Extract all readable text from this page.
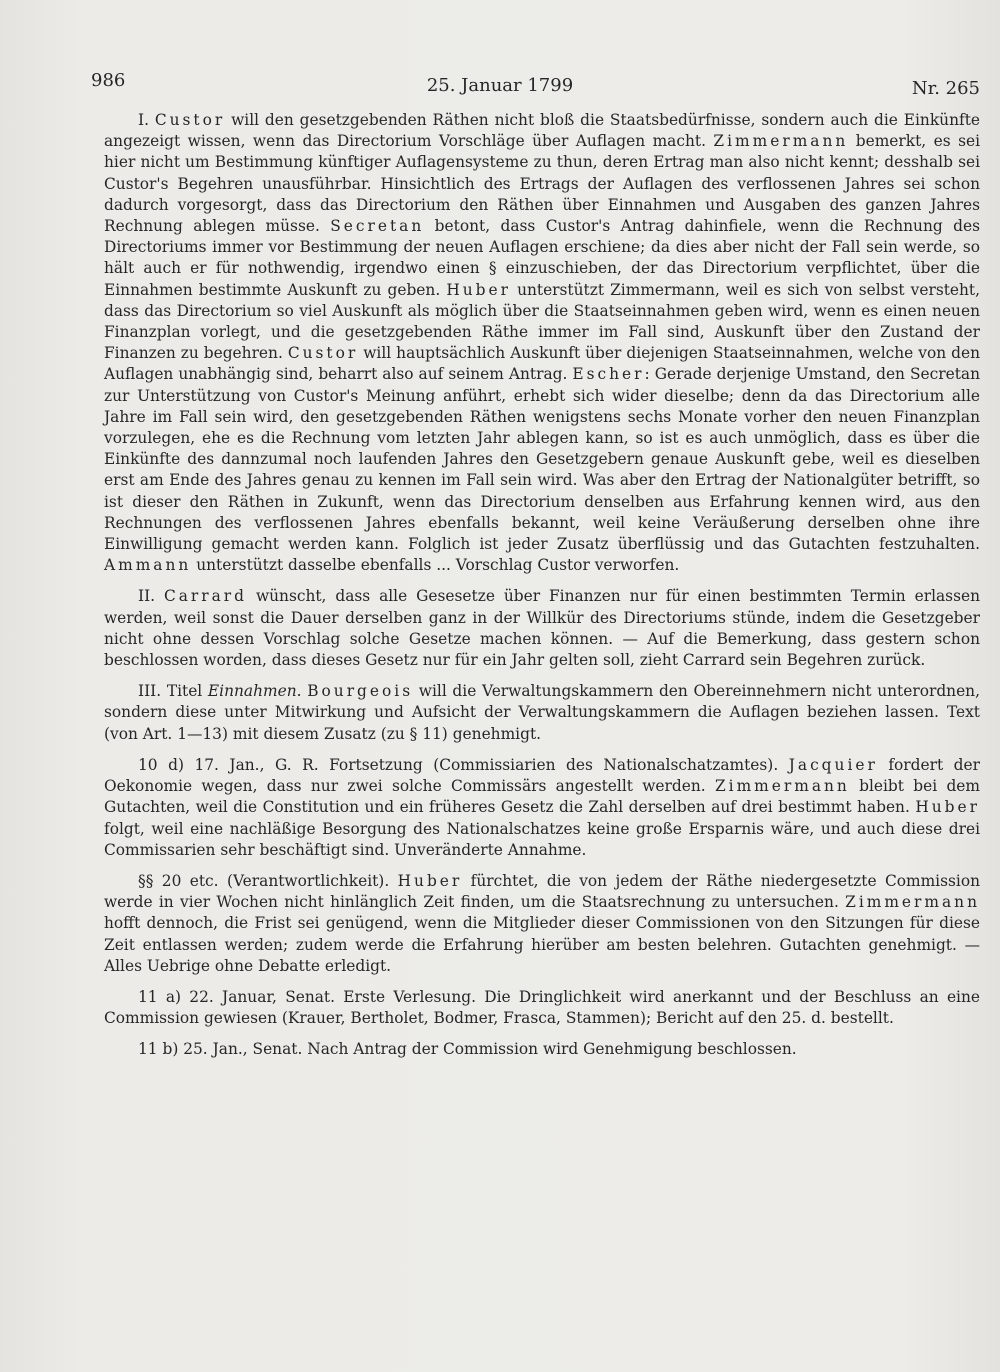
986	25. Januar 1799	Nr. 265

I. Custor will den gesetzgebenden Räthen nicht bloß die Staatsbedürfnisse, sondern auch die Einkünfte angezeigt wissen, wenn das Directorium Vorschläge über Auflagen macht. Zimmermann bemerkt, es sei hier nicht um Bestimmung künftiger Auflagensysteme zu thun, deren Ertrag man also nicht kennt; desshalb sei Custor's Begehren unausführbar. Hinsichtlich des Ertrags der Auflagen des verflossenen Jahres sei schon dadurch vorgesorgt, dass das Directorium den Räthen über Einnahmen und Ausgaben des ganzen Jahres Rechnung ablegen müsse. Secretan betont, dass Custor's Antrag dahinfiele, wenn die Rechnung des Directoriums immer vor Bestimmung der neuen Auflagen erschiene; da dies aber nicht der Fall sein werde, so hält auch er für nothwendig, irgendwo einen § einzuschieben, der das Directorium verpflichtet, über die Einnahmen bestimmte Auskunft zu geben. Huber unterstützt Zimmermann, weil es sich von selbst versteht, dass das Directorium so viel Auskunft als möglich über die Staatseinnahmen geben wird, wenn es einen neuen Finanzplan vorlegt, und die gesetzgebenden Räthe immer im Fall sind, Auskunft über den Zustand der Finanzen zu begehren. Custor will hauptsächlich Auskunft über diejenigen Staatseinnahmen, welche von den Auflagen unabhängig sind, beharrt also auf seinem Antrag. Escher: Gerade derjenige Umstand, den Secretan zur Unterstützung von Custor's Meinung anführt, erhebt sich wider dieselbe; denn da das Directorium alle Jahre im Fall sein wird, den gesetzgebenden Räthen wenigstens sechs Monate vorher den neuen Finanzplan vorzulegen, ehe es die Rechnung vom letzten Jahr ablegen kann, so ist es auch unmöglich, dass es über die Einkünfte des dannzumal noch laufenden Jahres den Gesetzgebern genaue Auskunft gebe, weil es dieselben erst am Ende des Jahres genau zu kennen im Fall sein wird. Was aber den Ertrag der Nationalgüter betrifft, so ist dieser den Räthen in Zukunft, wenn das Directorium denselben aus Erfahrung kennen wird, aus den Rechnungen des verflossenen Jahres ebenfalls bekannt, weil keine Veräußerung derselben ohne ihre Einwilligung gemacht werden kann. Folglich ist jeder Zusatz überflüssig und das Gutachten festzuhalten. Ammann unterstützt dasselbe ebenfalls ... Vorschlag Custor verworfen.

II. Carrard wünscht, dass alle Gesesetze über Finanzen nur für einen bestimmten Termin erlassen werden, weil sonst die Dauer derselben ganz in der Willkür des Directoriums stünde, indem die Gesetzgeber nicht ohne dessen Vorschlag solche Gesetze machen können. — Auf die Bemerkung, dass gestern schon beschlossen worden, dass dieses Gesetz nur für ein Jahr gelten soll, zieht Carrard sein Begehren zurück.

III. Titel Einnahmen. Bourgeois will die Verwaltungskammern den Obereinnehmern nicht unterordnen, sondern diese unter Mitwirkung und Aufsicht der Verwaltungskammern die Auflagen beziehen lassen. Text (von Art. 1—13) mit diesem Zusatz (zu § 11) genehmigt.

10 d) 17. Jan., G. R. Fortsetzung (Commissiarien des Nationalschatzamtes). Jacquier fordert der Oekonomie wegen, dass nur zwei solche Commissärs angestellt werden. Zimmermann bleibt bei dem Gutachten, weil die Constitution und ein früheres Gesetz die Zahl derselben auf drei bestimmt haben. Huber folgt, weil eine nachläßige Besorgung des Nationalschatzes keine große Ersparnis wäre, und auch diese drei Commissarien sehr beschäftigt sind. Unveränderte Annahme.

§§ 20 etc. (Verantwortlichkeit). Huber fürchtet, die von jedem der Räthe niedergesetzte Commission werde in vier Wochen nicht hinlänglich Zeit finden, um die Staatsrechnung zu untersuchen. Zimmermann hofft dennoch, die Frist sei genügend, wenn die Mitglieder dieser Commissionen von den Sitzungen für diese Zeit entlassen werden; zudem werde die Erfahrung hierüber am besten belehren. Gutachten genehmigt. — Alles Uebrige ohne Debatte erledigt.

11 a) 22. Januar, Senat. Erste Verlesung. Die Dringlichkeit wird anerkannt und der Beschluss an eine Commission gewiesen (Krauer, Bertholet, Bodmer, Frasca, Stammen); Bericht auf den 25. d. bestellt.

11 b) 25. Jan., Senat. Nach Antrag der Commission wird Genehmigung beschlossen.
